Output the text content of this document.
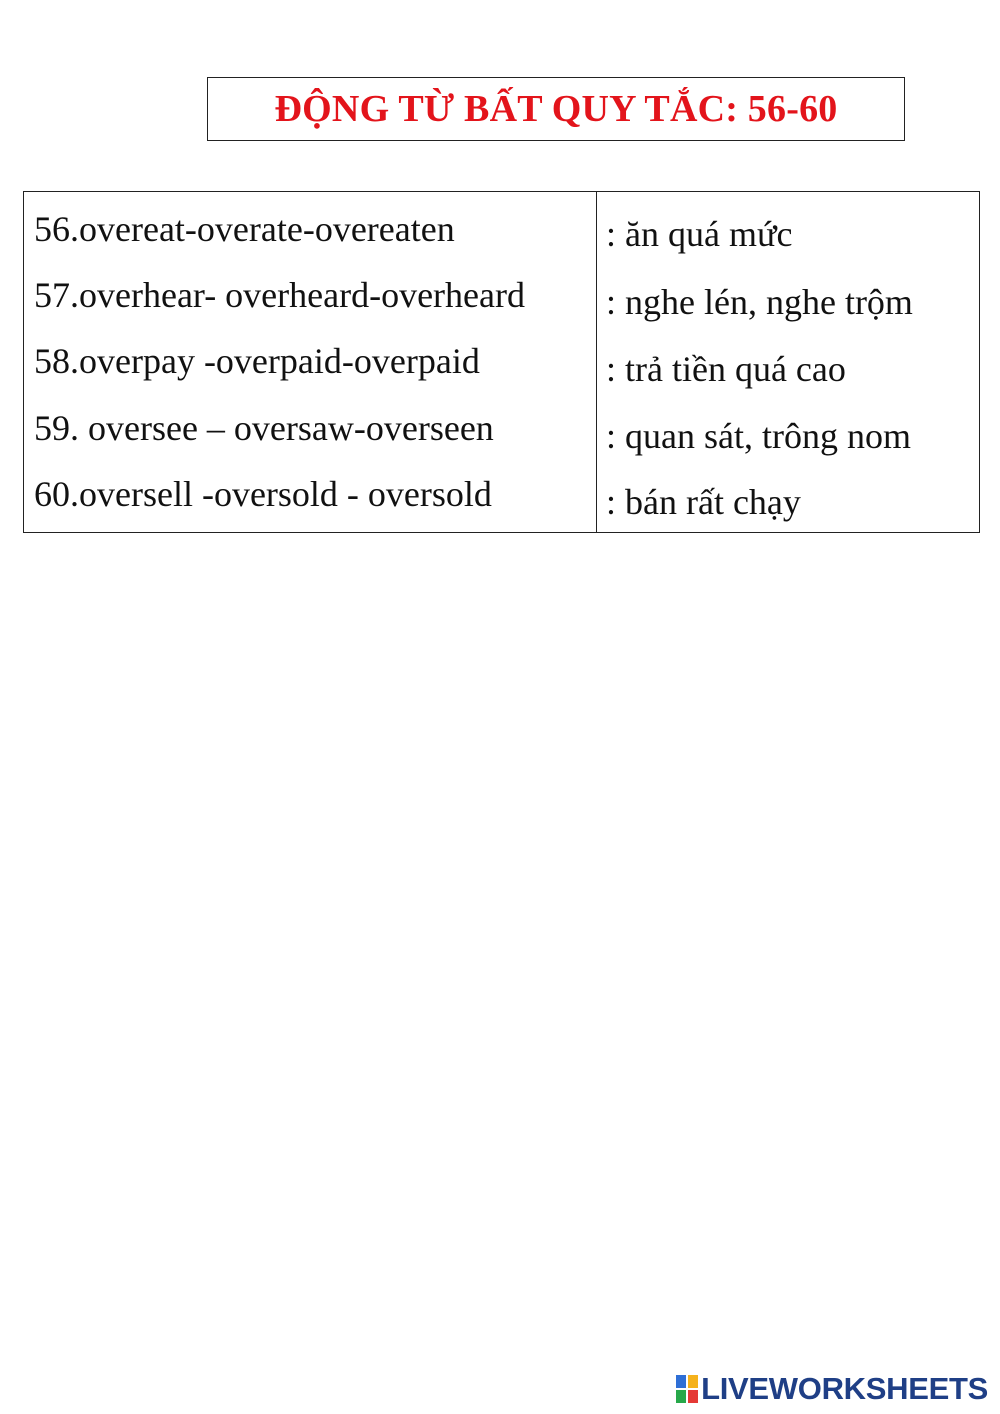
ĐỘNG TỪ BẤT QUY TẮC: 56-60
56.overeat-overate-overeaten
57.overhear- overheard-overheard
58.overpay -overpaid-overpaid
59. oversee – oversaw-overseen
60.oversell -oversold - oversold
: ăn quá mức
: nghe lén, nghe trộm
: trả tiền quá cao
: quan sát, trông nom
: bán rất chạy
LIVEWORKSHEETS
